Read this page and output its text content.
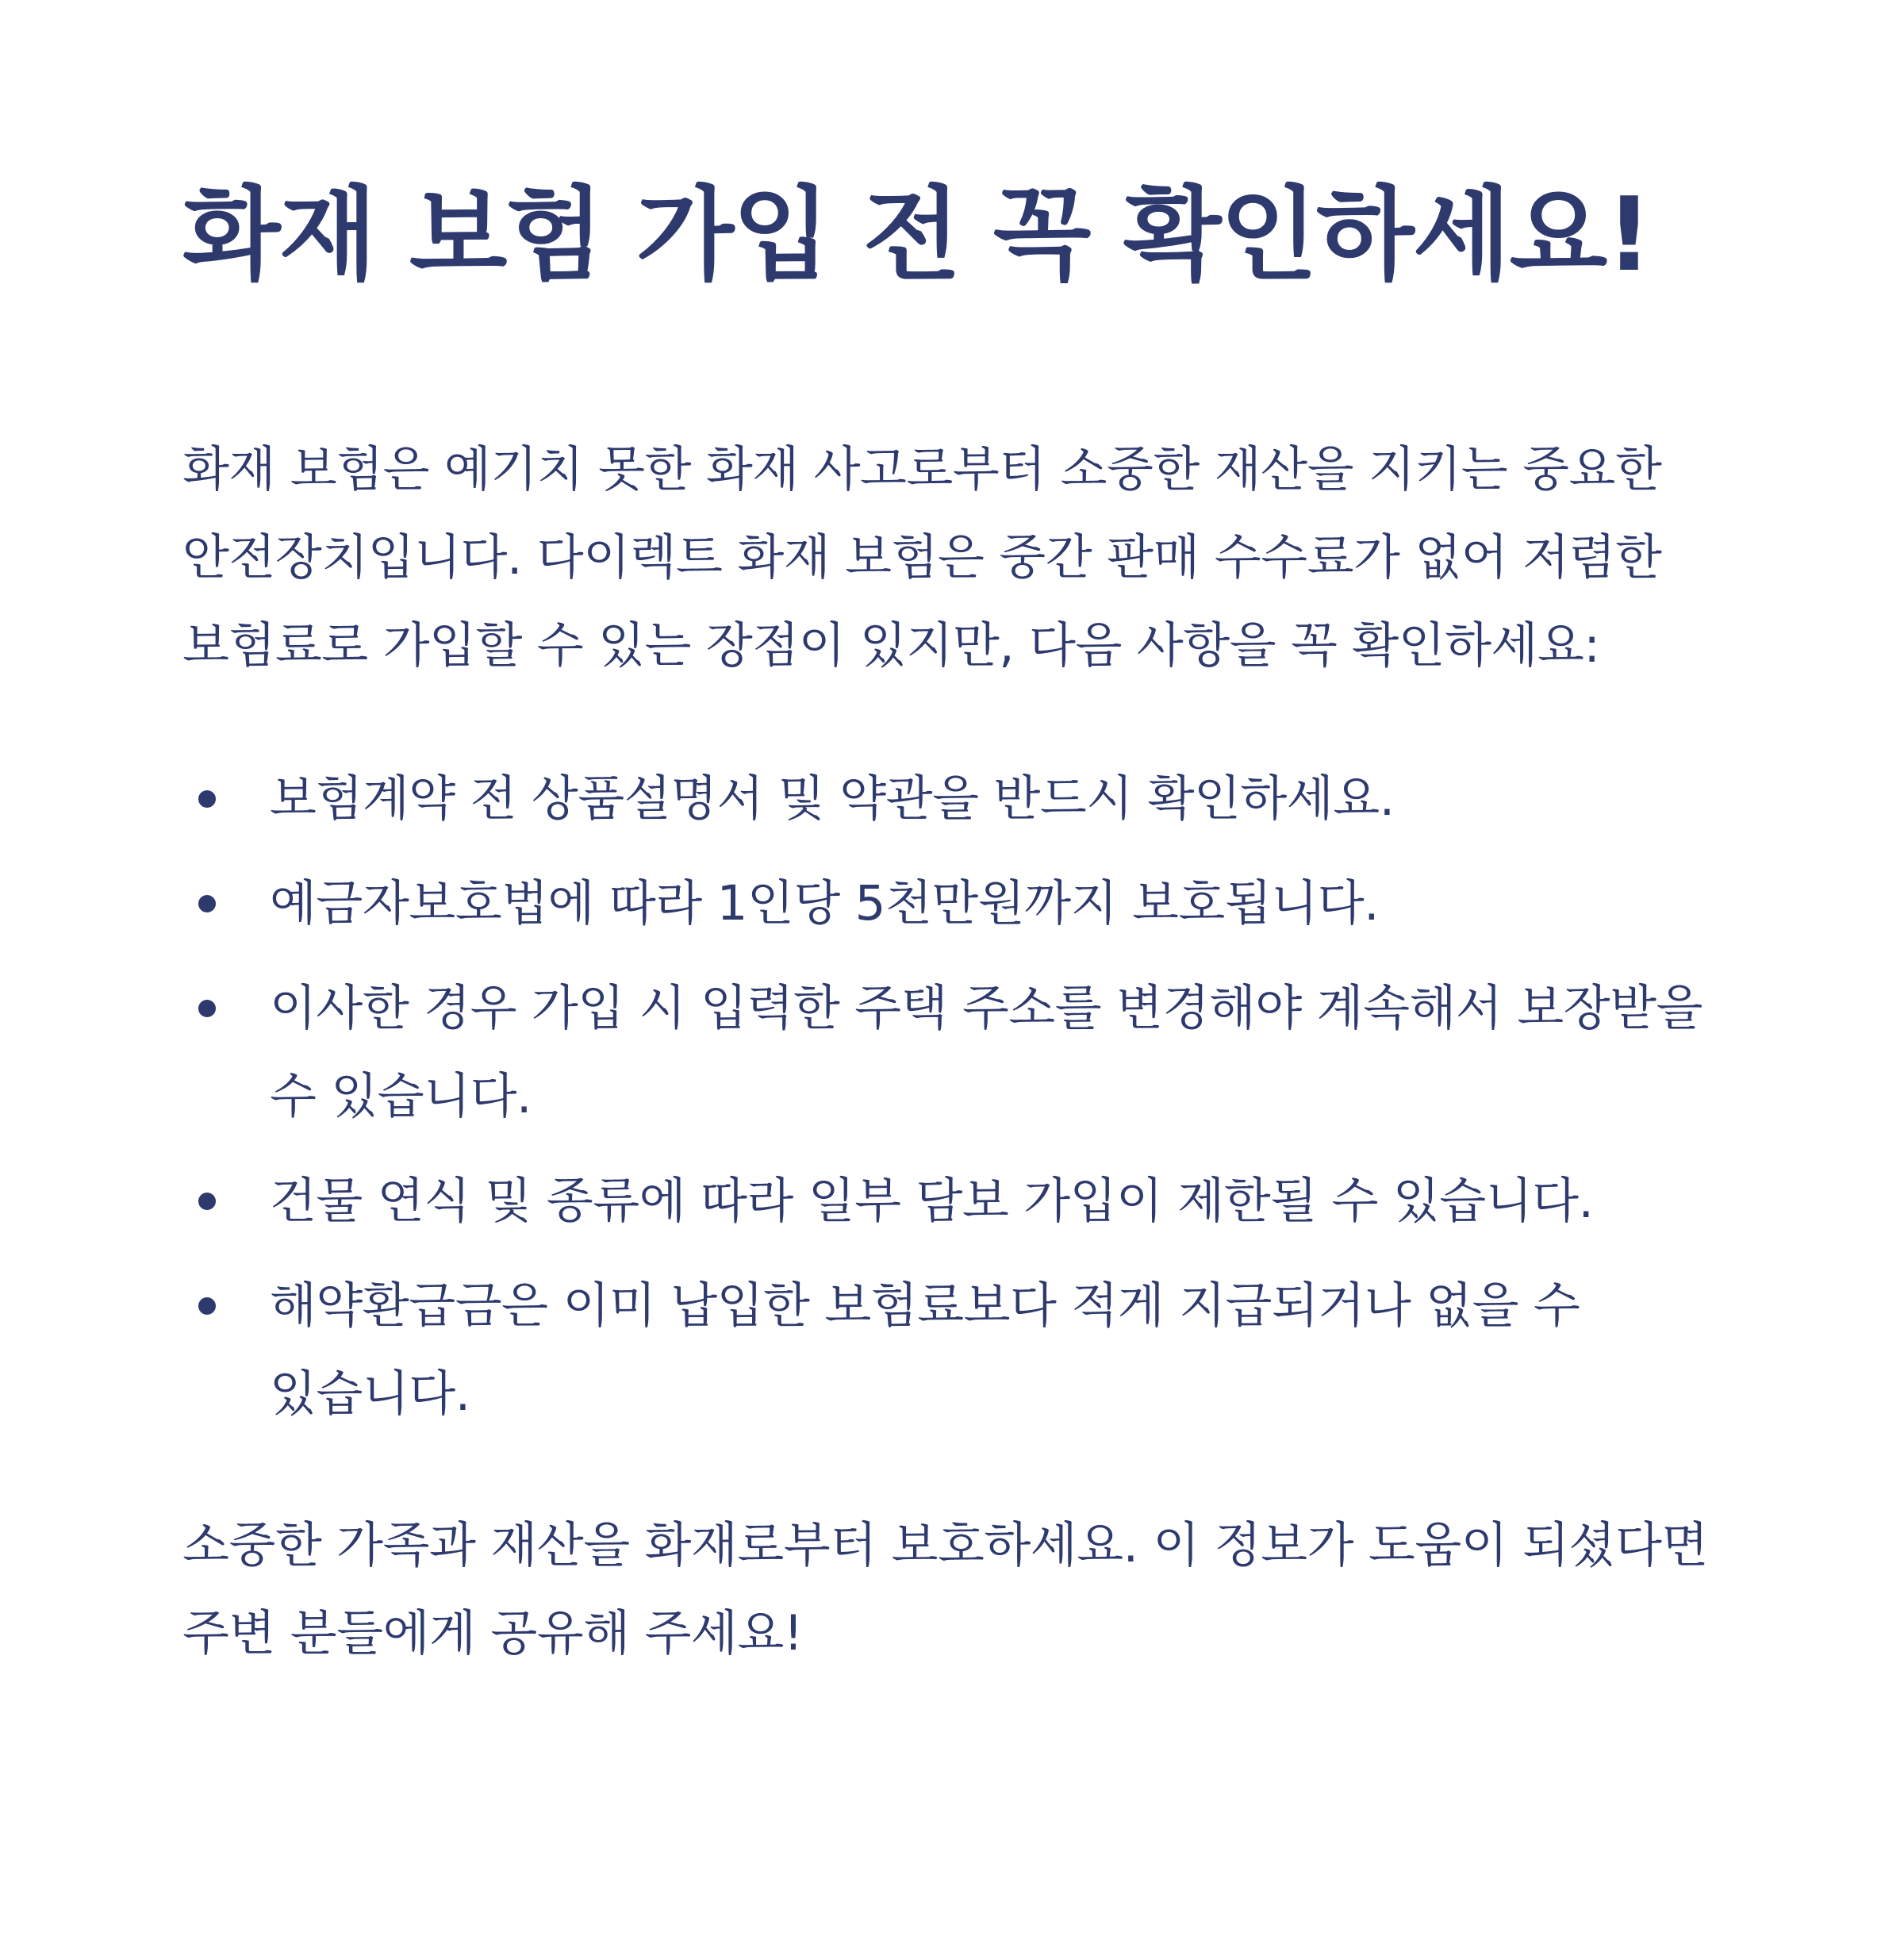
화재 보험 가입 전 꼭 확인하세요!

화재 보험은 예기치 못한 화재 사고로부터 소중한 재산을 지키는 중요한 안전장치입니다. 다이렉트 화재 보험은 중간 판매 수수료가 없어 저렴한 보험료로 가입할 수 있는 장점이 있지만, 다음 사항을 꼭 확인하세요:

보험계약 전 상품설명서 및 약관을 반드시 확인하세요.
예금자보호법에 따라 1인당 5천만원까지 보호됩니다.
이사한 경우 가입 시 입력한 주택 주소를 변경해야 계속해서 보장받을 수 있습니다.
건물 연식 및 종류에 따라 일부 담보 가입이 제한될 수 있습니다.
해약환급금은 이미 납입한 보험료보다 적게 지급되거나 없을 수 있습니다.

소중한 가족과 재산을 화재로부터 보호하세요. 이 정보가 도움이 되셨다면 주변 분들에게 공유해 주세요!
